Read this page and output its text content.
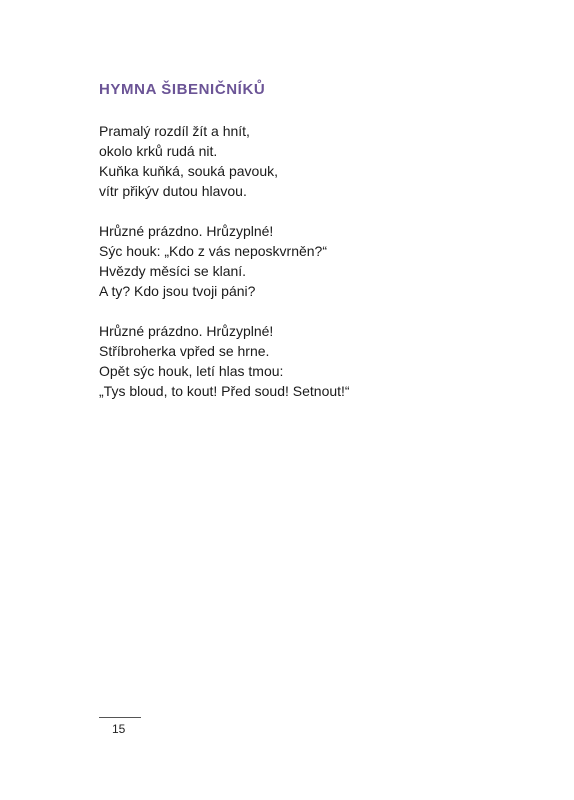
HYMNA ŠIBENIČNÍKŮ
Pramalý rozdíl žít a hnít,
okolo krků rudá nit.
Kuňka kuňká, souká pavouk,
vítr přikýv dutou hlavou.
Hrůzné prázdno. Hrůzyplné!
Sýc houk: „Kdo z vás neposkvrněn?“
Hvězdy měsíci se klaní.
A ty? Kdo jsou tvoji páni?
Hrůzné prázdno. Hrůzyplné!
Stříbroherka vpřed se hrne.
Opět sýc houk, letí hlas tmou:
„Tys bloud, to kout! Před soud! Setnout!“
15
